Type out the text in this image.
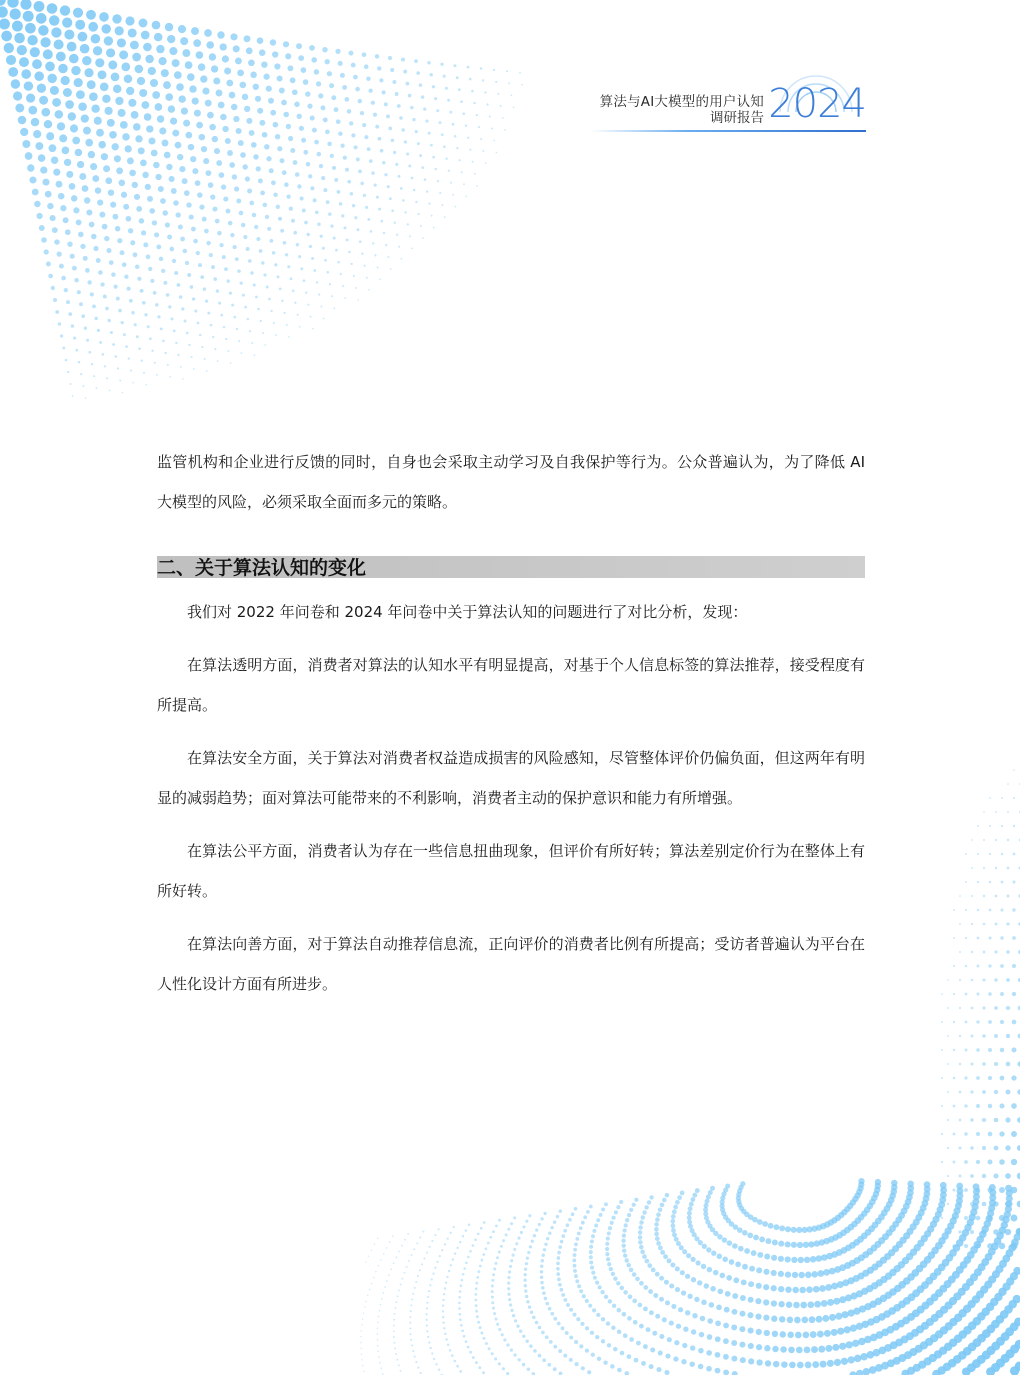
算法与AI大模型的用户认知
调研报告 2024

监管机构和企业进行反馈的同时，自身也会采取主动学习及自我保护等行为。公众普遍认为，为了降低 AI 大模型的风险，必须采取全面而多元的策略。

二、关于算法认知的变化

我们对 2022 年问卷和 2024 年问卷中关于算法认知的问题进行了对比分析，发现：

在算法透明方面，消费者对算法的认知水平有明显提高，对基于个人信息标签的算法推荐，接受程度有所提高。

在算法安全方面，关于算法对消费者权益造成损害的风险感知，尽管整体评价仍偏负面，但这两年有明显的减弱趋势；面对算法可能带来的不利影响，消费者主动的保护意识和能力有所增强。

在算法公平方面，消费者认为存在一些信息扭曲现象，但评价有所好转；算法差别定价行为在整体上有所好转。

在算法向善方面，对于算法自动推荐信息流，正向评价的消费者比例有所提高；受访者普遍认为平台在人性化设计方面有所进步。
